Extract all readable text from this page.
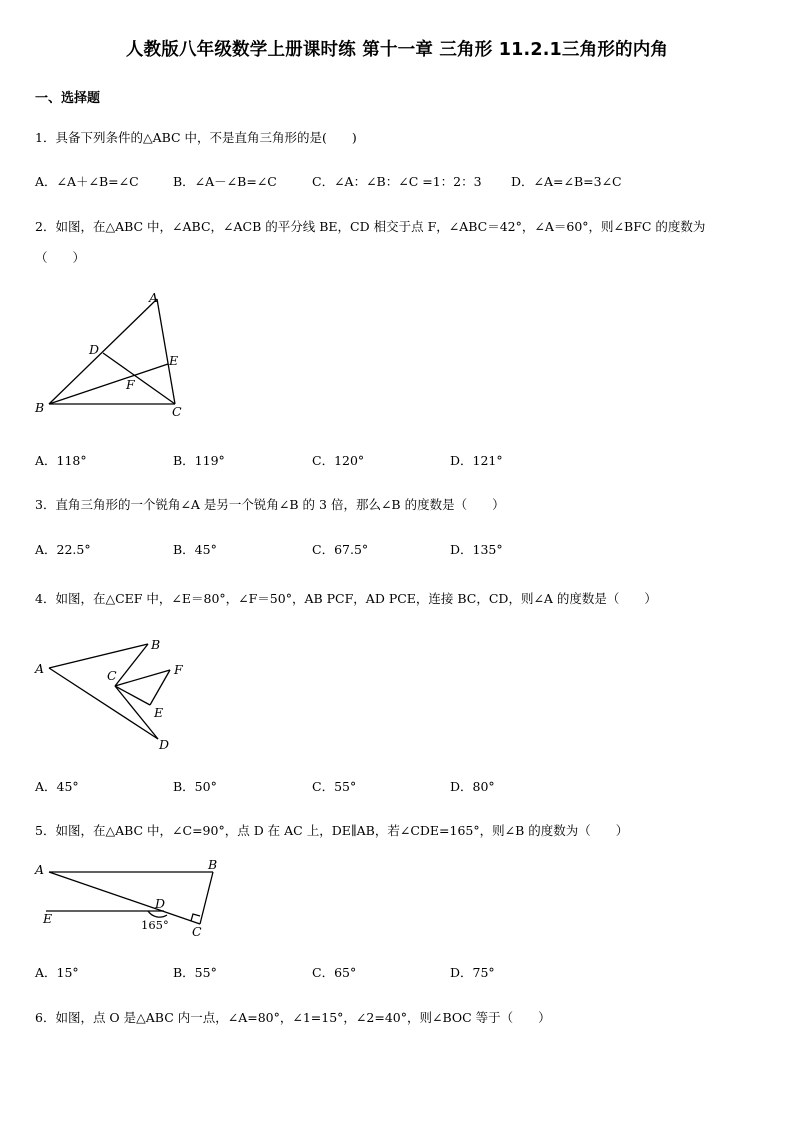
人教版八年级数学上册课时练 第十一章 三角形 11.2.1三角形的内角
一、选择题
1．具备下列条件的△ABC 中，不是直角三角形的是(　　)
A．∠A＋∠B=∠C	B．∠A－∠B=∠C	C．∠A：∠B：∠C =1：2：3 D．∠A=∠B=3∠C
2．如图，在△ABC 中，∠ABC，∠ACB 的平分线 BE，CD 相交于点 F，∠ABC＝42°，∠A＝60°，则∠BFC 的度数为
（　　）
A
B	C
D
E
F
A．118°	B．119°	C．120°	D．121°
3．直角三角形的一个锐角∠A 是另一个锐角∠B 的 3 倍，那么∠B 的度数是（　　）
A．22.5°	B．45°	C．67.5°	D．135°
4．如图，在△CEF 中，∠E＝80°，∠F＝50°，AB PCF，AD PCE，连接 BC，CD，则∠A 的度数是（　　）
A
B
C
D
E
F
A．45°	B．50°	C．55°	D．80°
5．如图，在△ABC 中，∠C=90°，点 D 在 AC 上，DE∥AB，若∠CDE=165°，则∠B 的度数为（　　）
A	B
C
D
E	165°
A．15°	B．55°	C．65°	D．75°
6．如图，点 O 是△ABC 内一点，∠A=80°，∠1=15°，∠2=40°，则∠BOC 等于（　　）
